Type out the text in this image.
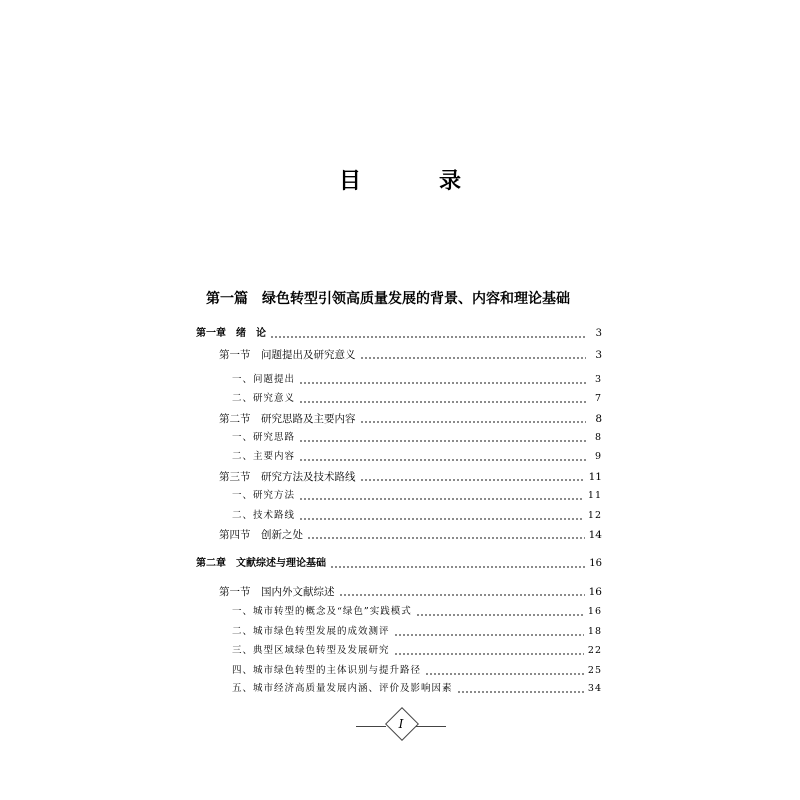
目　录
第一篇 绿色转型引领高质量发展的背景、内容和理论基础
第一章　绪　论	3
第一节　问题提出及研究意义	3
一、问题提出	3
二、研究意义	7
第二节　研究思路及主要内容	8
一、研究思路	8
二、主要内容	9
第三节　研究方法及技术路线	11
一、研究方法	11
二、技术路线	12
第四节　创新之处	14
第二章　文献综述与理论基础	16
第一节　国内外文献综述	16
一、城市转型的概念及“绿色”实践模式	16
二、城市绿色转型发展的成效测评	18
三、典型区域绿色转型及发展研究	22
四、城市绿色转型的主体识别与提升路径	25
五、城市经济高质量发展内涵、评价及影响因素	34
I
